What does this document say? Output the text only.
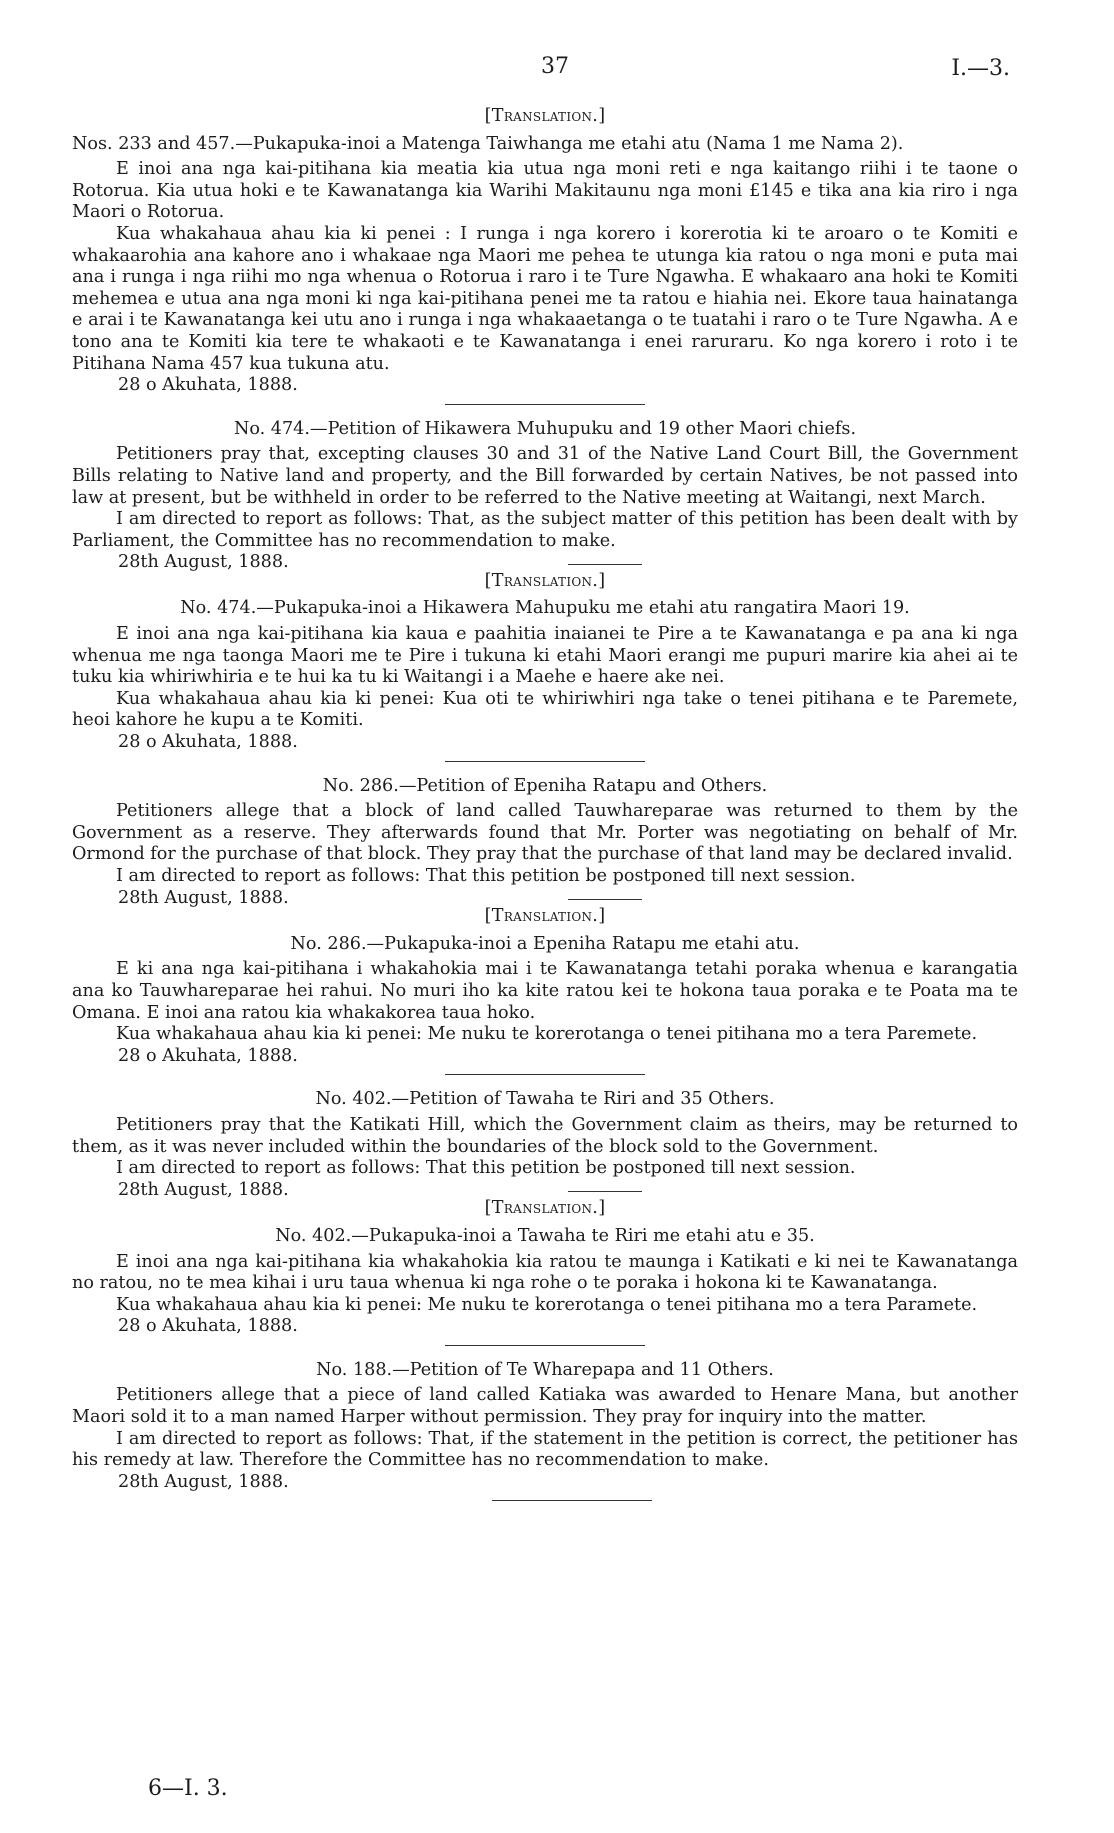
37	I.—3.

[Translation.]

Nos. 233 and 457.—Pukapuka-inoi a Matenga Taiwhanga me etahi atu (Nama 1 me Nama 2).

E inoi ana nga kai-pitihana kia meatia kia utua nga moni reti e nga kaitango riihi i te taone o Rotorua. Kia utua hoki e te Kawanatanga kia Warihi Makitaunu nga moni £145 e tika ana kia riro i nga Maori o Rotorua.

Kua whakahaua ahau kia ki penei : I runga i nga korero i korerotia ki te aroaro o te Komiti e whakaarohia ana kahore ano i whakaae nga Maori me pehea te utunga kia ratou o nga moni e puta mai ana i runga i nga riihi mo nga whenua o Rotorua i raro i te Ture Ngawha. E whakaaro ana hoki te Komiti mehemea e utua ana nga moni ki nga kai-pitihana penei me ta ratou e hiahia nei. Ekore taua hainatanga e arai i te Kawanatanga kei utu ano i runga i nga whakaaetanga o te tuatahi i raro o te Ture Ngawha. A e tono ana te Komiti kia tere te whakaoti e te Kawanatanga i enei raruraru. Ko nga korero i roto i te Pitihana Nama 457 kua tukuna atu.

28 o Akuhata, 1888.

No. 474.—Petition of Hikawera Muhupuku and 19 other Maori chiefs.

Petitioners pray that, excepting clauses 30 and 31 of the Native Land Court Bill, the Government Bills relating to Native land and property, and the Bill forwarded by certain Natives, be not passed into law at present, but be withheld in order to be referred to the Native meeting at Waitangi, next March.

I am directed to report as follows: That, as the subject matter of this petition has been dealt with by Parliament, the Committee has no recommendation to make.

28th August, 1888.

[Translation.]

No. 474.—Pukapuka-inoi a Hikawera Mahupuku me etahi atu rangatira Maori 19.

E inoi ana nga kai-pitihana kia kaua e paahitia inaianei te Pire a te Kawanatanga e pa ana ki nga whenua me nga taonga Maori me te Pire i tukuna ki etahi Maori erangi me pupuri marire kia ahei ai te tuku kia whiriwhiria e te hui ka tu ki Waitangi i a Maehe e haere ake nei.

Kua whakahaua ahau kia ki penei: Kua oti te whiriwhiri nga take o tenei pitihana e te Paremete, heoi kahore he kupu a te Komiti.

28 o Akuhata, 1888.

No. 286.—Petition of Epeniha Ratapu and Others.

Petitioners allege that a block of land called Tauwhareparae was returned to them by the Government as a reserve. They afterwards found that Mr. Porter was negotiating on behalf of Mr. Ormond for the purchase of that block. They pray that the purchase of that land may be declared invalid.

I am directed to report as follows: That this petition be postponed till next session.

28th August, 1888.

[Translation.]

No. 286.—Pukapuka-inoi a Epeniha Ratapu me etahi atu.

E ki ana nga kai-pitihana i whakahokia mai i te Kawanatanga tetahi poraka whenua e karangatia ana ko Tauwhareparae hei rahui. No muri iho ka kite ratou kei te hokona taua poraka e te Poata ma te Omana. E inoi ana ratou kia whakakorea taua hoko.

Kua whakahaua ahau kia ki penei: Me nuku te korerotanga o tenei pitihana mo a tera Paremete.

28 o Akuhata, 1888.

No. 402.—Petition of Tawaha te Riri and 35 Others.

Petitioners pray that the Katikati Hill, which the Government claim as theirs, may be returned to them, as it was never included within the boundaries of the block sold to the Government.

I am directed to report as follows: That this petition be postponed till next session.

28th August, 1888.

[Translation.]

No. 402.—Pukapuka-inoi a Tawaha te Riri me etahi atu e 35.

E inoi ana nga kai-pitihana kia whakahokia kia ratou te maunga i Katikati e ki nei te Kawanatanga no ratou, no te mea kihai i uru taua whenua ki nga rohe o te poraka i hokona ki te Kawanatanga.

Kua whakahaua ahau kia ki penei: Me nuku te korerotanga o tenei pitihana mo a tera Paramete.

28 o Akuhata, 1888.

No. 188.—Petition of Te Wharepapa and 11 Others.

Petitioners allege that a piece of land called Katiaka was awarded to Henare Mana, but another Maori sold it to a man named Harper without permission. They pray for inquiry into the matter.

I am directed to report as follows: That, if the statement in the petition is correct, the petitioner has his remedy at law. Therefore the Committee has no recommendation to make.

28th August, 1888.

6—I. 3.
